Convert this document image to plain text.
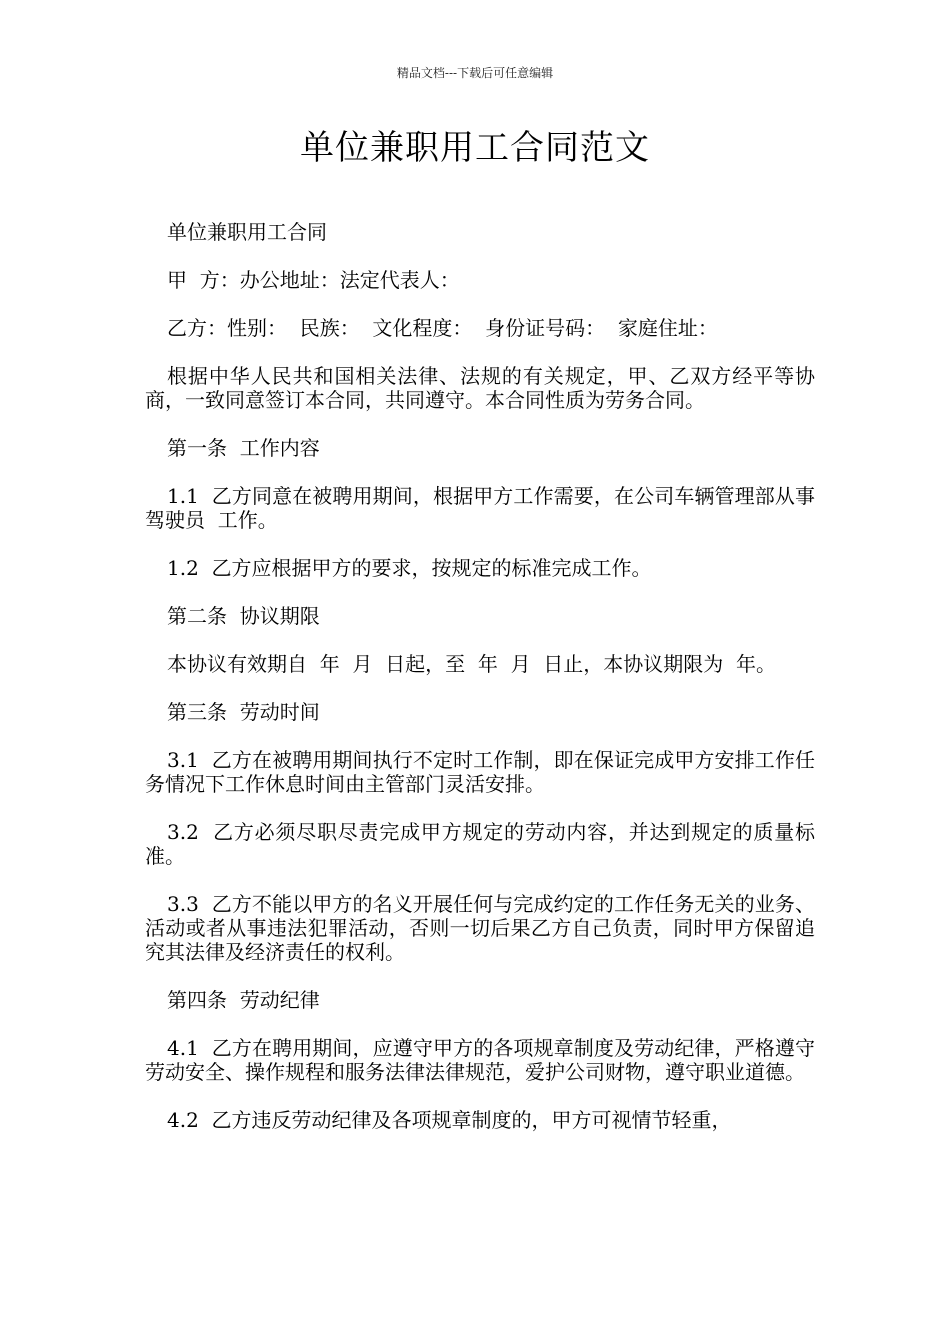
精品文档---下载后可任意编辑
单位兼职用工合同范文

单位兼职用工合同

甲  方：办公地址：法定代表人：

乙方：性别：  民族：  文化程度：  身份证号码：  家庭住址：

根据中华人民共和国相关法律、法规的有关规定，甲、乙双方经平等协商，一致同意签订本合同，共同遵守。本合同性质为劳务合同。

第一条  工作内容

1.1  乙方同意在被聘用期间，根据甲方工作需要，在公司车辆管理部从事  驾驶员  工作。

1.2  乙方应根据甲方的要求，按规定的标准完成工作。

第二条  协议期限

本协议有效期自  年  月  日起，至  年  月  日止，本协议期限为  年。

第三条  劳动时间

3.1  乙方在被聘用期间执行不定时工作制，即在保证完成甲方安排工作任务情况下工作休息时间由主管部门灵活安排。

3.2  乙方必须尽职尽责完成甲方规定的劳动内容，并达到规定的质量标准。

3.3  乙方不能以甲方的名义开展任何与完成约定的工作任务无关的业务、活动或者从事违法犯罪活动，否则一切后果乙方自己负责，同时甲方保留追究其法律及经济责任的权利。

第四条  劳动纪律

4.1  乙方在聘用期间，应遵守甲方的各项规章制度及劳动纪律，严格遵守劳动安全、操作规程和服务法律法律规范，爱护公司财物，遵守职业道德。

4.2  乙方违反劳动纪律及各项规章制度的，甲方可视情节轻重，
